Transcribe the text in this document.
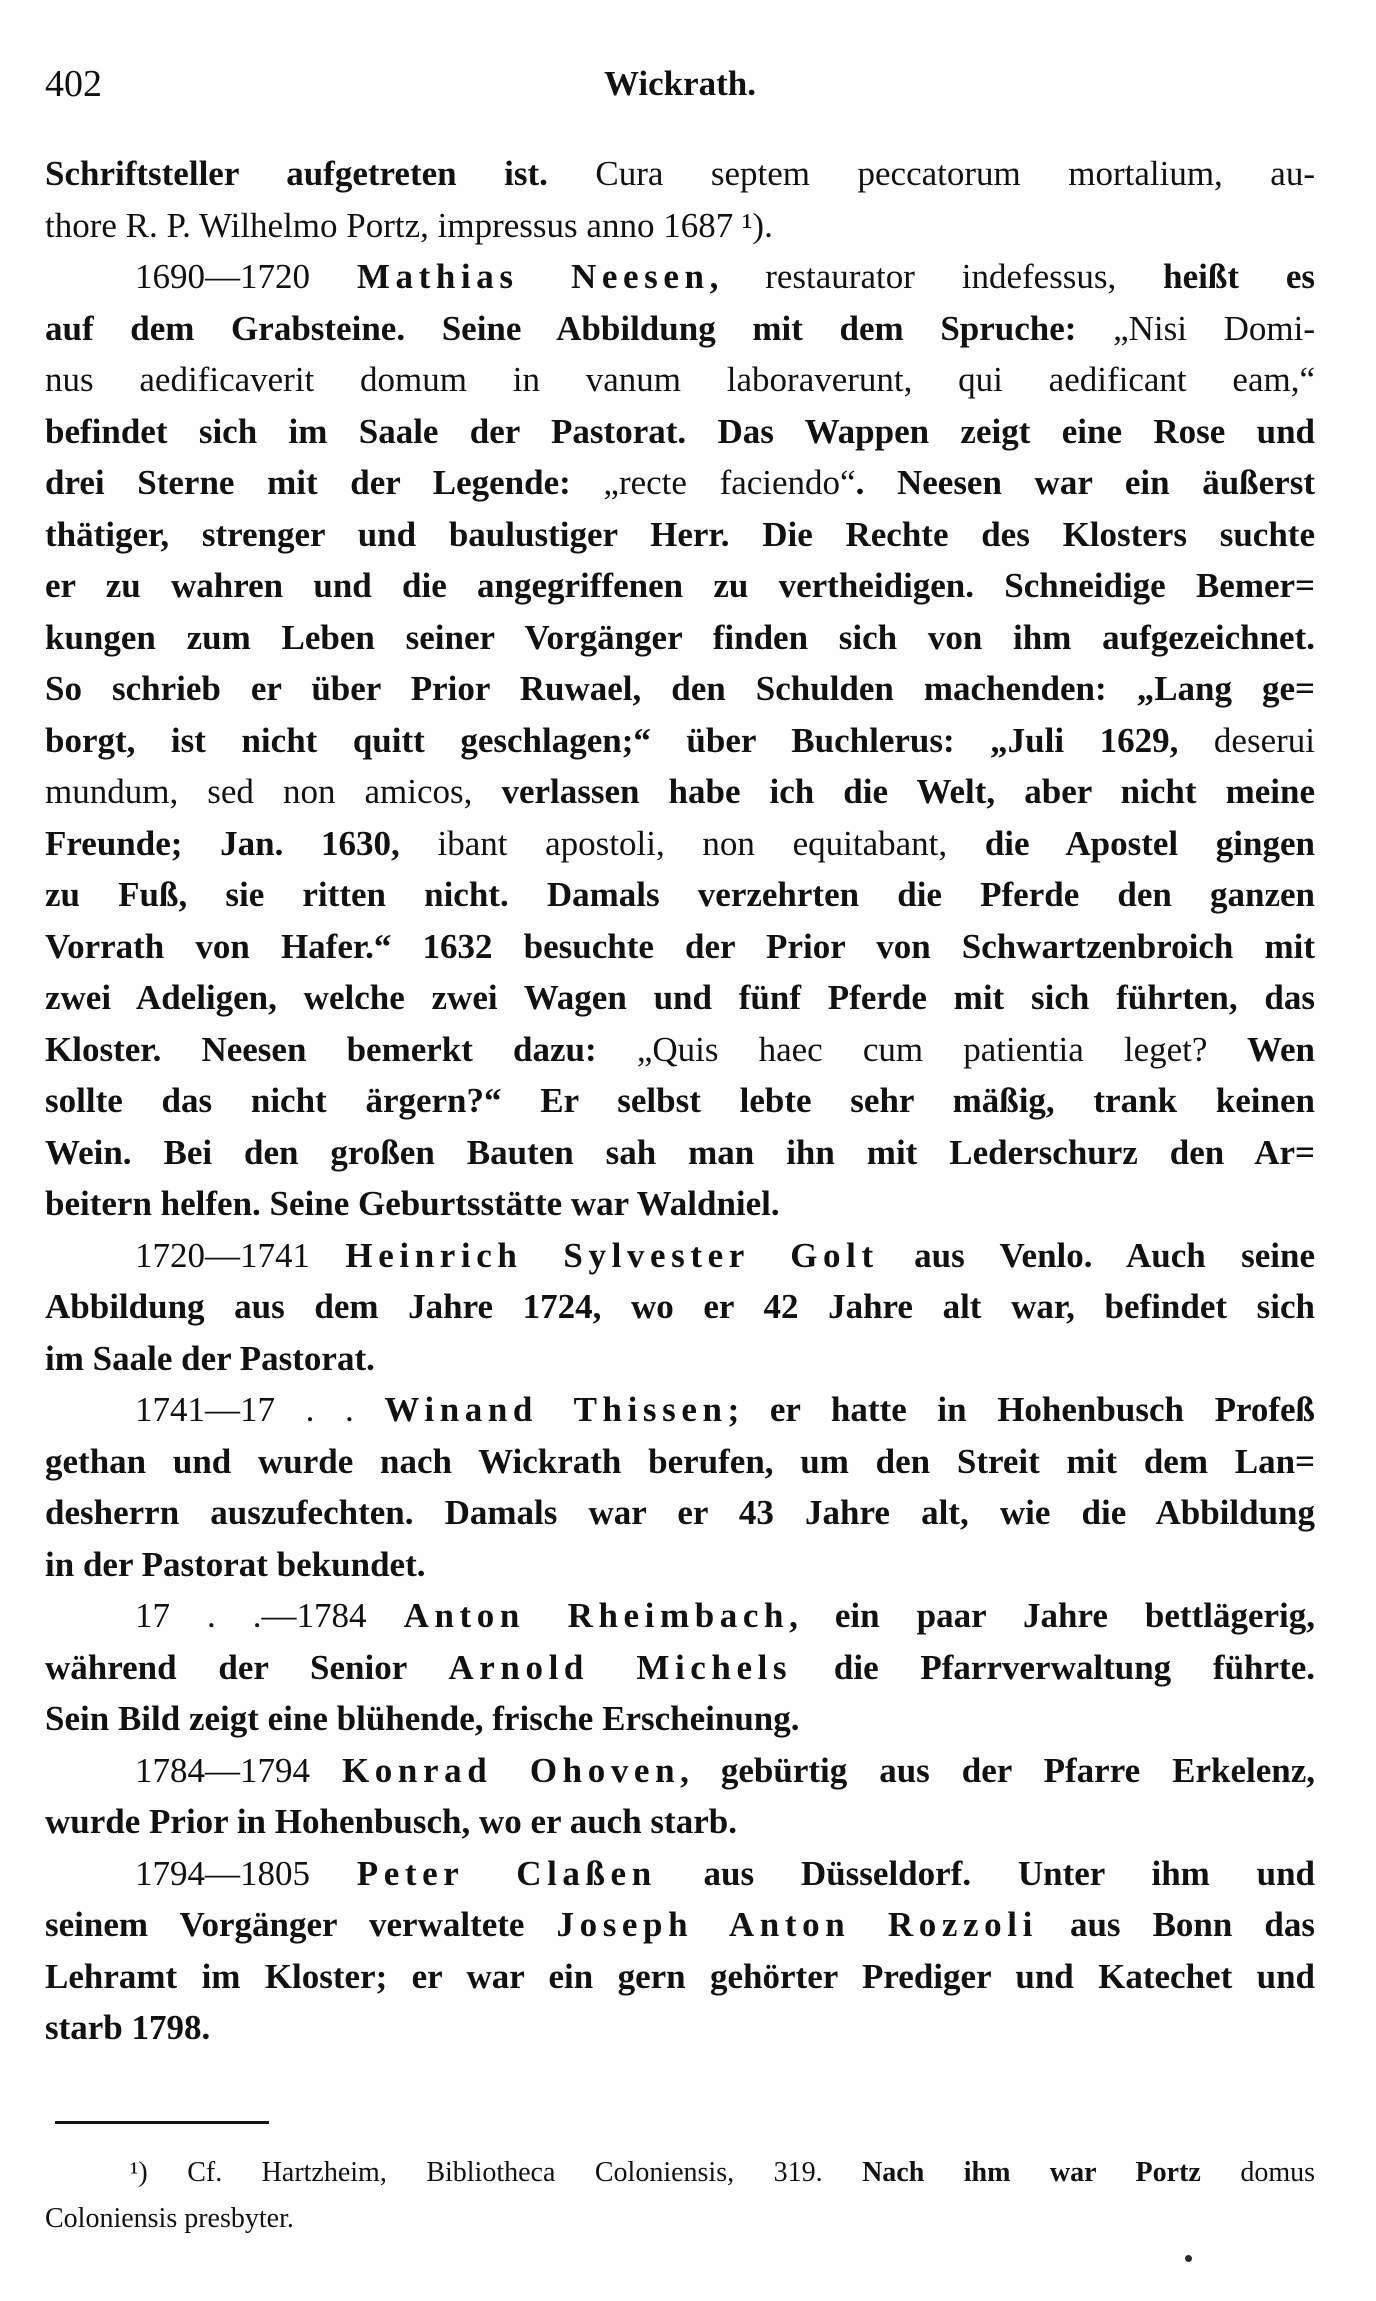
402	Wickrath.
Schriftsteller aufgetreten ist. Cura septem peccatorum mortalium, au-
thore R. P. Wilhelmo Portz, impressus anno 1687 ¹).
1690—1720 Mathias Neesen, restaurator indefessus, heißt es
auf dem Grabsteine. Seine Abbildung mit dem Spruche: „Nisi Domi-
nus aedificaverit domum in vanum laboraverunt, qui aedificant eam,“
befindet sich im Saale der Pastorat. Das Wappen zeigt eine Rose und
drei Sterne mit der Legende: „recte faciendo“. Neesen war ein äußerst
thätiger, strenger und baulustiger Herr. Die Rechte des Klosters suchte
er zu wahren und die angegriffenen zu vertheidigen. Schneidige Bemer=
kungen zum Leben seiner Vorgänger finden sich von ihm aufgezeichnet.
So schrieb er über Prior Ruwael, den Schulden machenden: „Lang ge=
borgt, ist nicht quitt geschlagen;“ über Buchlerus: „Juli 1629, deserui
mundum, sed non amicos, verlassen habe ich die Welt, aber nicht meine
Freunde; Jan. 1630, ibant apostoli, non equitabant, die Apostel gingen
zu Fuß, sie ritten nicht. Damals verzehrten die Pferde den ganzen
Vorrath von Hafer.“ 1632 besuchte der Prior von Schwartzenbroich mit
zwei Adeligen, welche zwei Wagen und fünf Pferde mit sich führten, das
Kloster. Neesen bemerkt dazu: „Quis haec cum patientia leget? Wen
sollte das nicht ärgern?“ Er selbst lebte sehr mäßig, trank keinen
Wein. Bei den großen Bauten sah man ihn mit Lederschurz den Ar=
beitern helfen. Seine Geburtsstätte war Waldniel.
1720—1741 Heinrich Sylvester Golt aus Venlo. Auch seine
Abbildung aus dem Jahre 1724, wo er 42 Jahre alt war, befindet sich
im Saale der Pastorat.
1741—17 . . Winand Thissen; er hatte in Hohenbusch Profeß
gethan und wurde nach Wickrath berufen, um den Streit mit dem Lan=
desherrn auszufechten. Damals war er 43 Jahre alt, wie die Abbildung
in der Pastorat bekundet.
17 . .—1784 Anton Rheimbach, ein paar Jahre bettlägerig,
während der Senior Arnold Michels die Pfarrverwaltung führte.
Sein Bild zeigt eine blühende, frische Erscheinung.
1784—1794 Konrad Ohoven, gebürtig aus der Pfarre Erkelenz,
wurde Prior in Hohenbusch, wo er auch starb.
1794—1805 Peter Claßen aus Düsseldorf. Unter ihm und
seinem Vorgänger verwaltete Joseph Anton Rozzoli aus Bonn das
Lehramt im Kloster; er war ein gern gehörter Prediger und Katechet und
starb 1798.
¹) Cf. Hartzheim, Bibliotheca Coloniensis, 319. Nach ihm war Portz domus
Coloniensis presbyter.
